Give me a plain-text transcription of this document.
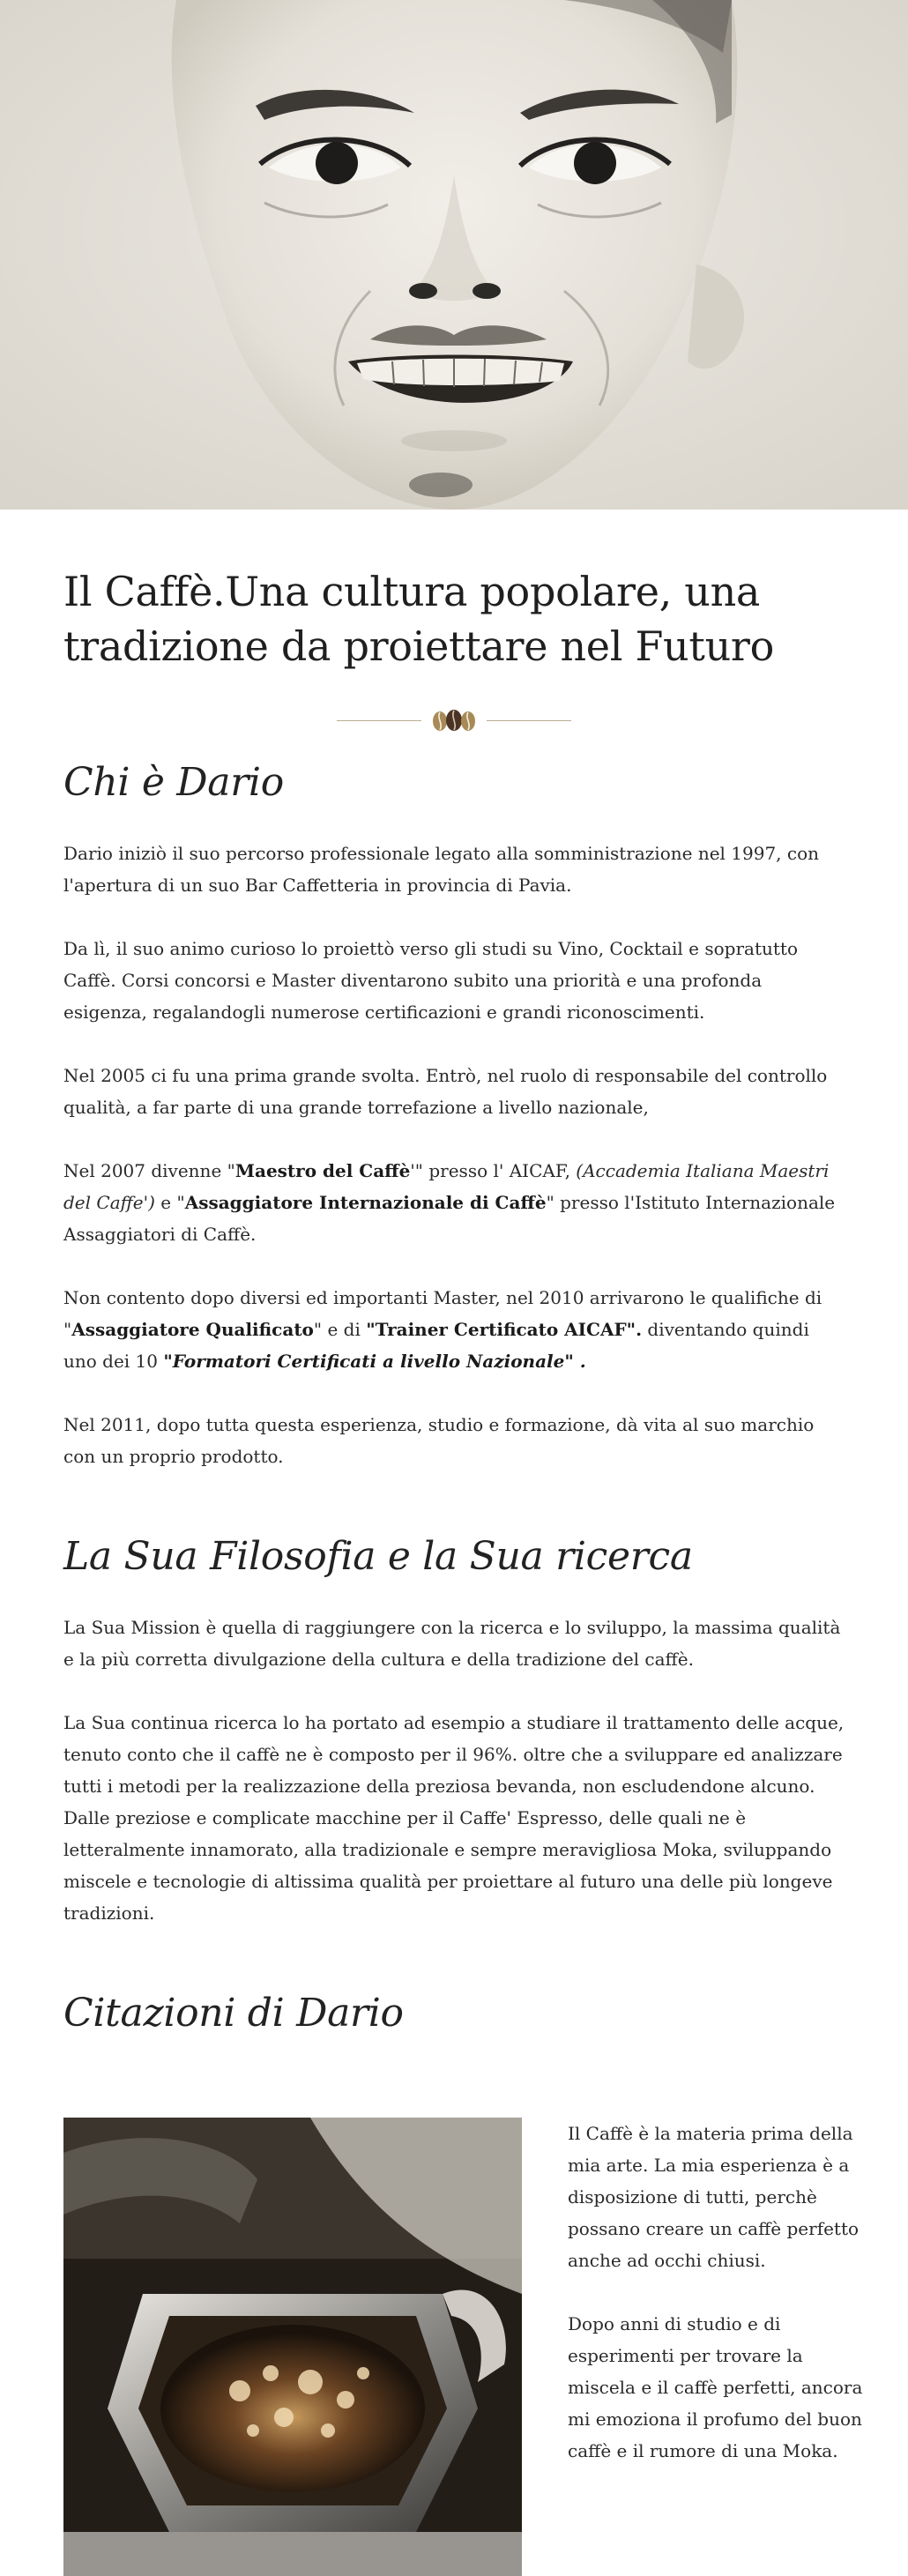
Il Caffè.Una cultura popolare, una tradizione da proiettare nel Futuro
Chi è Dario

Dario iniziò il suo percorso professionale legato alla somministrazione nel 1997, con l'apertura di un suo Bar Caffetteria in provincia di Pavia.

Da lì, il suo animo curioso lo proiettò verso gli studi su Vino, Cocktail e sopratutto Caffè. Corsi concorsi e Master diventarono subito una priorità e una profonda esigenza, regalandogli numerose certificazioni e grandi riconoscimenti.

Nel 2005 ci fu una prima grande svolta. Entrò, nel ruolo di responsabile del controllo qualità, a far parte di una grande torrefazione a livello nazionale,

Nel 2007 divenne "Maestro del Caffè'" presso l' AICAF, (Accademia Italiana Maestri del Caffe') e "Assaggiatore Internazionale di Caffè" presso l'Istituto Internazionale Assaggiatori di Caffè.

Non contento dopo diversi ed importanti Master, nel 2010 arrivarono le qualifiche di "Assaggiatore Qualificato" e di "Trainer Certificato AICAF". diventando quindi uno dei 10 "Formatori Certificati a livello Nazionale" .

Nel 2011, dopo tutta questa esperienza, studio e formazione, dà vita al suo marchio con un proprio prodotto.

La Sua Filosofia e la Sua ricerca

La Sua Mission è quella di raggiungere con la ricerca e lo sviluppo, la massima qualità e la più corretta divulgazione della cultura e della tradizione del caffè.

La Sua continua ricerca lo ha portato ad esempio a studiare il trattamento delle acque, tenuto conto che il caffè ne è composto per il 96%. oltre che a sviluppare ed analizzare tutti i metodi per la realizzazione della preziosa bevanda, non escludendone alcuno. Dalle preziose e complicate macchine per il Caffe' Espresso, delle quali ne è letteralmente innamorato, alla tradizionale e sempre meravigliosa Moka, sviluppando miscele e tecnologie di altissima qualità per proiettare al futuro una delle più longeve tradizioni.

Citazioni di Dario

Il Caffè è la materia prima della mia arte. La mia esperienza è a disposizione di tutti, perchè possano creare un caffè perfetto anche ad occhi chiusi.

Dopo anni di studio e di esperimenti per trovare la miscela e il caffè perfetti, ancora mi emoziona il profumo del buon caffè e il rumore di una Moka.
